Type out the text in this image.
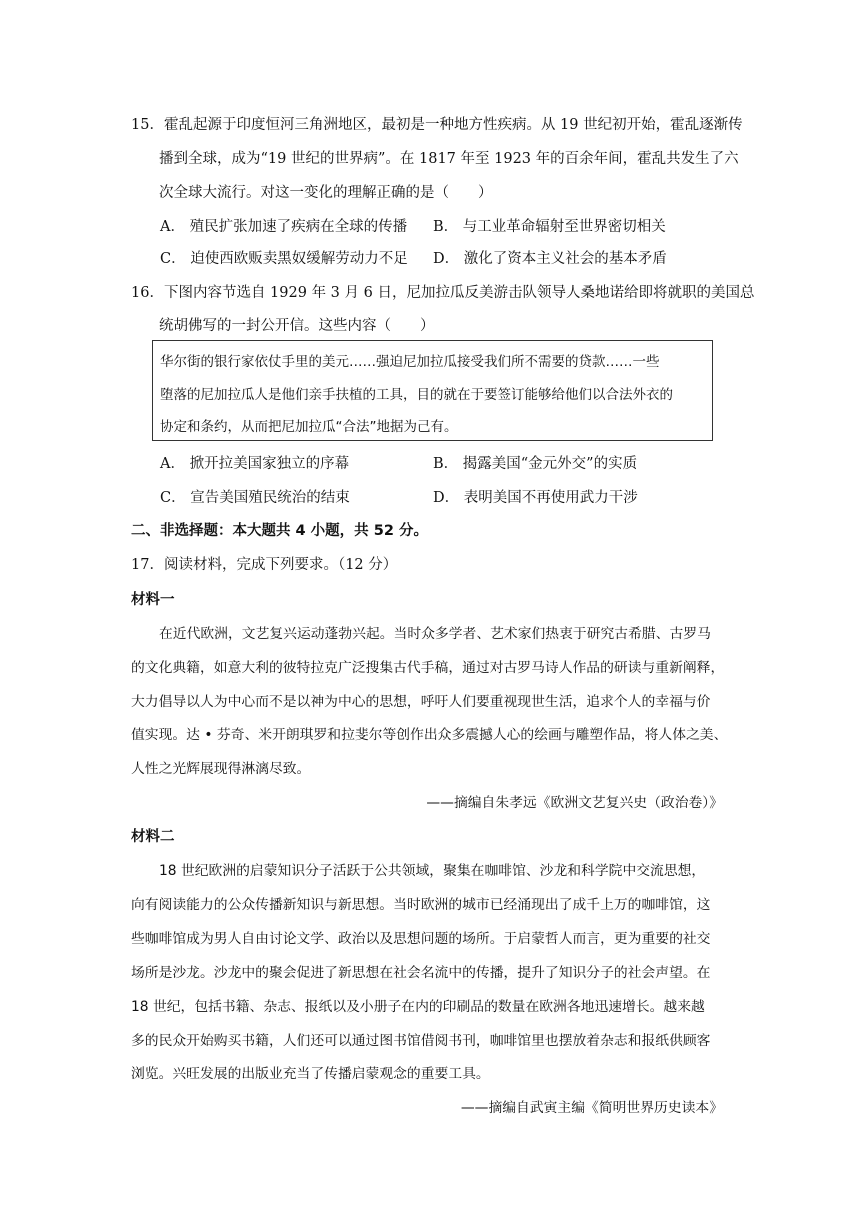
15．霍乱起源于印度恒河三角洲地区，最初是一种地方性疾病。从 19 世纪初开始，霍乱逐渐传
播到全球，成为“19 世纪的世界病”。在 1817 年至 1923 年的百余年间，霍乱共发生了六
次全球大流行。对这一变化的理解正确的是（　　）
A． 殖民扩张加速了疾病在全球的传播 B． 与工业革命辐射至世界密切相关
C． 迫使西欧贩卖黑奴缓解劳动力不足 D． 激化了资本主义社会的基本矛盾
16．下图内容节选自 1929 年 3 月 6 日，尼加拉瓜反美游击队领导人桑地诺给即将就职的美国总
统胡佛写的一封公开信。这些内容（　　）
华尔街的银行家依仗手里的美元……强迫尼加拉瓜接受我们所不需要的贷款……一些
堕落的尼加拉瓜人是他们亲手扶植的工具，目的就在于要签订能够给他们以合法外衣的
协定和条约，从而把尼加拉瓜“合法”地据为己有。
A． 掀开拉美国家独立的序幕	B． 揭露美国“金元外交”的实质
C． 宣告美国殖民统治的结束	D． 表明美国不再使用武力干涉
二、非选择题：本大题共 4 小题，共 52 分。
17．阅读材料，完成下列要求。（12 分）
材料一
在近代欧洲，文艺复兴运动蓬勃兴起。当时众多学者、艺术家们热衷于研究古希腊、古罗马
的文化典籍，如意大利的彼特拉克广泛搜集古代手稿，通过对古罗马诗人作品的研读与重新阐释，
大力倡导以人为中心而不是以神为中心的思想，呼吁人们要重视现世生活，追求个人的幸福与价
值实现。达 • 芬奇、米开朗琪罗和拉斐尔等创作出众多震撼人心的绘画与雕塑作品，将人体之美、
人性之光辉展现得淋漓尽致。
——摘编自朱孝远《欧洲文艺复兴史（政治卷）》
材料二
18 世纪欧洲的启蒙知识分子活跃于公共领域，聚集在咖啡馆、沙龙和科学院中交流思想，
向有阅读能力的公众传播新知识与新思想。当时欧洲的城市已经涌现出了成千上万的咖啡馆，这
些咖啡馆成为男人自由讨论文学、政治以及思想问题的场所。于启蒙哲人而言，更为重要的社交
场所是沙龙。沙龙中的聚会促进了新思想在社会名流中的传播，提升了知识分子的社会声望。在
18 世纪，包括书籍、杂志、报纸以及小册子在内的印刷品的数量在欧洲各地迅速增长。越来越
多的民众开始购买书籍，人们还可以通过图书馆借阅书刊，咖啡馆里也摆放着杂志和报纸供顾客
浏览。兴旺发展的出版业充当了传播启蒙观念的重要工具。
——摘编自武寅主编《简明世界历史读本》
